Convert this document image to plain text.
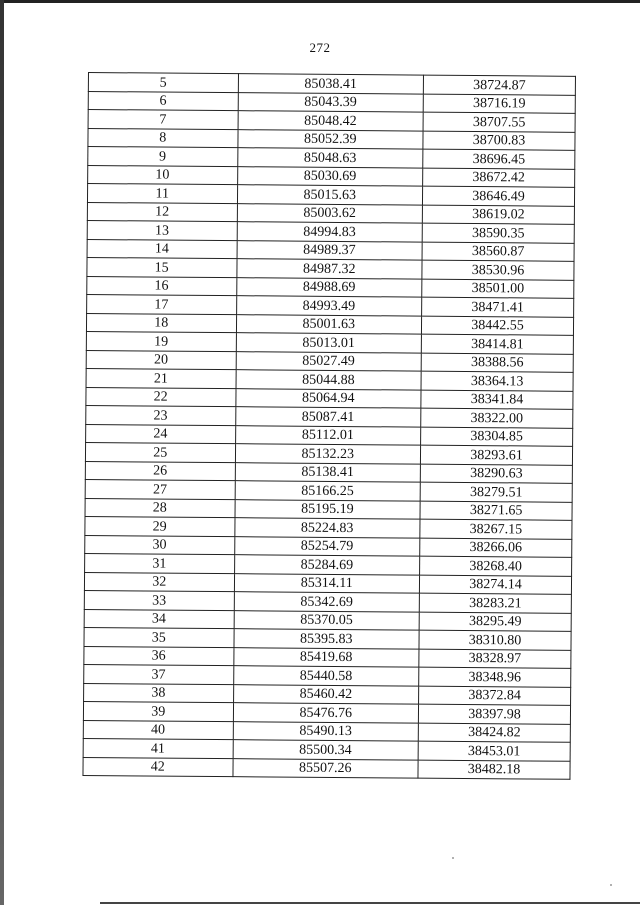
272
5	85038.41	38724.87
6	85043.39	38716.19
7	85048.42	38707.55
8	85052.39	38700.83
9	85048.63	38696.45
10	85030.69	38672.42
11	85015.63	38646.49
12	85003.62	38619.02
13	84994.83	38590.35
14	84989.37	38560.87
15	84987.32	38530.96
16	84988.69	38501.00
17	84993.49	38471.41
18	85001.63	38442.55
19	85013.01	38414.81
20	85027.49	38388.56
21	85044.88	38364.13
22	85064.94	38341.84
23	85087.41	38322.00
24	85112.01	38304.85
25	85132.23	38293.61
26	85138.41	38290.63
27	85166.25	38279.51
28	85195.19	38271.65
29	85224.83	38267.15
30	85254.79	38266.06
31	85284.69	38268.40
32	85314.11	38274.14
33	85342.69	38283.21
34	85370.05	38295.49
35	85395.83	38310.80
36	85419.68	38328.97
37	85440.58	38348.96
38	85460.42	38372.84
39	85476.76	38397.98
40	85490.13	38424.82
41	85500.34	38453.01
42	85507.26	38482.18
